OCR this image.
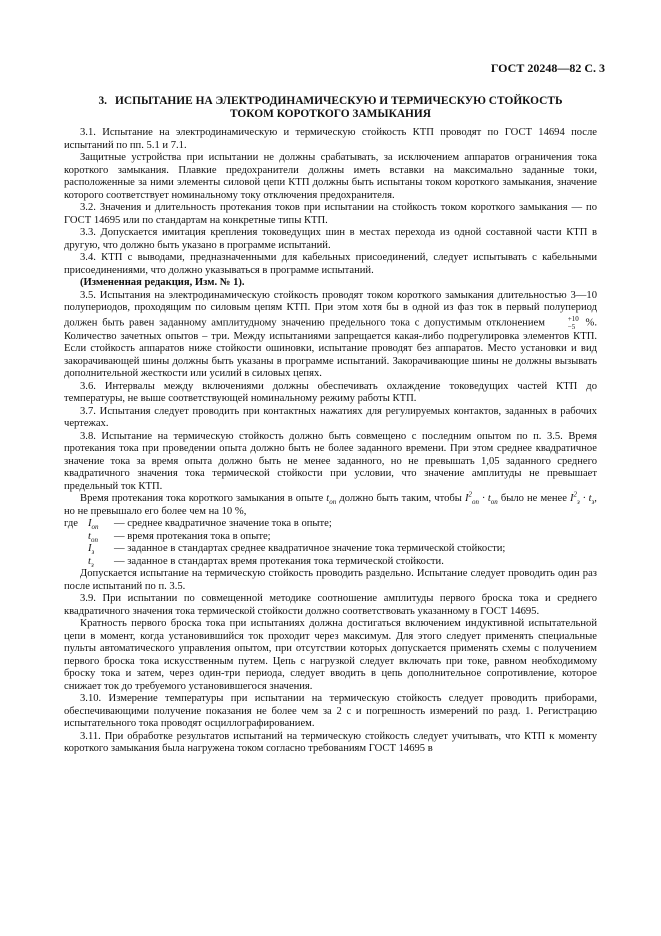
ГОСТ 20248—82 С. 3
3. ИСПЫТАНИЕ НА ЭЛЕКТРОДИНАМИЧЕСКУЮ И ТЕРМИЧЕСКУЮ СТОЙКОСТЬ
ТОКОМ КОРОТКОГО ЗАМЫКАНИЯ

3.1. Испытание на электродинамическую и термическую стойкость КТП проводят по ГОСТ 14694 после испытаний по пп. 5.1 и 7.1.

Защитные устройства при испытании не должны срабатывать, за исключением аппаратов ограничения тока короткого замыкания. Плавкие предохранители должны иметь вставки на максимально заданные токи, расположенные за ними элементы силовой цепи КТП должны быть испытаны током короткого замыкания, значение которого соответствует номинальному току отключения предохранителя.

3.2. Значения и длительность протекания токов при испытании на стойкость током короткого замыкания — по ГОСТ 14695 или по стандартам на конкретные типы КТП.

3.3. Допускается имитация крепления токоведущих шин в местах перехода из одной составной части КТП в другую, что должно быть указано в программе испытаний.

3.4. КТП с выводами, предназначенными для кабельных присоединений, следует испытывать с кабельными присоединениями, что должно указываться в программе испытаний.

(Измененная редакция, Изм. № 1).

3.5. Испытания на электродинамическую стойкость проводят током короткого замыкания длительностью 3—10 полупериодов, проходящим по силовым цепям КТП. При этом хотя бы в одной из фаз ток в первый полупериод должен быть равен заданному амплитудному значению предельного тока с допустимым отклонением	+10
−5 %. Количество зачетных опытов – три. Между испытаниями запрещается какая-либо подрегулировка элементов КТП. Если стойкость аппаратов ниже стойкости ошиновки, испытание проводят без аппаратов. Место установки и вид закорачивающей шины должны быть указаны в программе испытаний. Закорачивающие шины не должны вызывать дополнительной жесткости или усилий в силовых цепях.

3.6. Интервалы между включениями должны обеспечивать охлаждение токоведущих частей КТП до температуры, не выше соответствующей номинальному режиму работы КТП.

3.7. Испытания следует проводить при контактных нажатиях для регулируемых контактов, заданных в рабочих чертежах.

3.8. Испытание на термическую стойкость должно быть совмещено с последним опытом по п. 3.5. Время протекания тока при проведении опыта должно быть не более заданного времени. При этом среднее квадратичное значение тока за время опыта должно быть не менее заданного, но не превышать 1,05 заданного среднего квадратичного значения тока термической стойкости при условии, что значение амплитуды не превышает предельный ток КТП.

Время протекания тока короткого замыкания в опыте $t_{оп}$ должно быть таким, чтобы $I^2_{оп} \cdot t_{оп}$ было не менее $I^2_з \cdot t_з$, но не превышало его более чем на 10 %,

где $I_{оп}$	— среднее квадратичное значение тока в опыте;
$t_{оп}$	— время протекания тока в опыте;
$I_з$	— заданное в стандартах среднее квадратичное значение тока термической стойкости;
$t_з$	— заданное в стандартах время протекания тока термической стойкости.

Допускается испытание на термическую стойкость проводить раздельно. Испытание следует проводить один раз после испытаний по п. 3.5.

3.9. При испытании по совмещенной методике соотношение амплитуды первого броска тока и среднего квадратичного значения тока термической стойкости должно соответствовать указанному в ГОСТ 14695.

Кратность первого броска тока при испытаниях должна достигаться включением индуктивной испытательной цепи в момент, когда установившийся ток проходит через максимум. Для этого следует применять специальные пульты автоматического управления опытом, при отсутствии которых допускается применять схемы с получением первого броска тока искусственным путем. Цепь с нагрузкой следует включать при токе, равном необходимому броску тока и затем, через один-три периода, следует вводить в цепь дополнительное сопротивление, которое снижает ток до требуемого установившегося значения.

3.10. Измерение температуры при испытании на термическую стойкость следует проводить приборами, обеспечивающими получение показания не более чем за 2 с и погрешность измерений по разд. 1. Регистрацию испытательного тока проводят осциллографированием.

3.11. При обработке результатов испытаний на термическую стойкость следует учитывать, что КТП к моменту короткого замыкания была нагружена током согласно требованиям ГОСТ 14695 в
